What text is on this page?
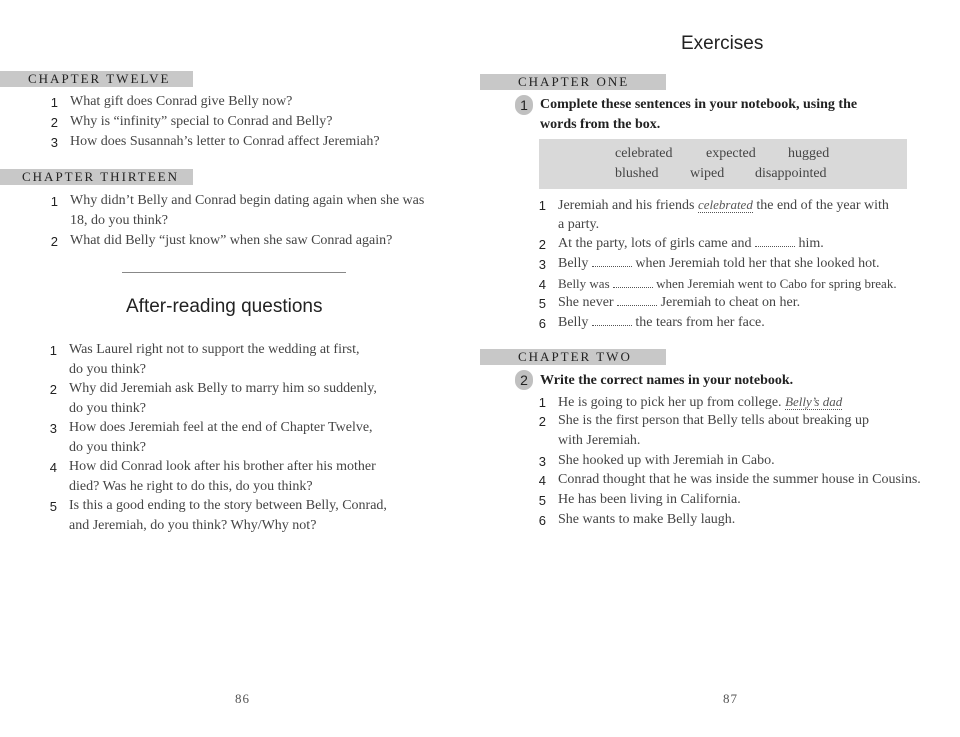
CHAPTER TWELVE
1 What gift does Conrad give Belly now?
2 Why is “infinity” special to Conrad and Belly?
3 How does Susannah’s letter to Conrad affect Jeremiah?
CHAPTER THIRTEEN
1 Why didn’t Belly and Conrad begin dating again when she was
18, do you think?
2 What did Belly “just know” when she saw Conrad again?
After-reading questions
1 Was Laurel right not to support the wedding at first,
do you think?
2 Why did Jeremiah ask Belly to marry him so suddenly,
do you think?
3 How does Jeremiah feel at the end of Chapter Twelve,
do you think?
4 How did Conrad look after his brother after his mother
died? Was he right to do this, do you think?
5 Is this a good ending to the story between Belly, Conrad,
and Jeremiah, do you think? Why/Why not?
86
Exercises
CHAPTER ONE
1 Complete these sentences in your notebook, using the
words from the box.
celebrated expected hugged
blushed wiped disappointed
1 Jeremiah and his friends celebrated the end of the year with
a party.
2 At the party, lots of girls came and	him.
3 Belly	when Jeremiah told her that she looked hot.
4 Belly was	when Jeremiah went to Cabo for spring break.
5 She never	Jeremiah to cheat on her.
6 Belly	the tears from her face.
CHAPTER TWO
2 Write the correct names in your notebook.
1 He is going to pick her up from college. Belly’s dad
2 She is the first person that Belly tells about breaking up
with Jeremiah.
3 She hooked up with Jeremiah in Cabo.
4 Conrad thought that he was inside the summer house in Cousins.
5 He has been living in California.
6 She wants to make Belly laugh.
87
